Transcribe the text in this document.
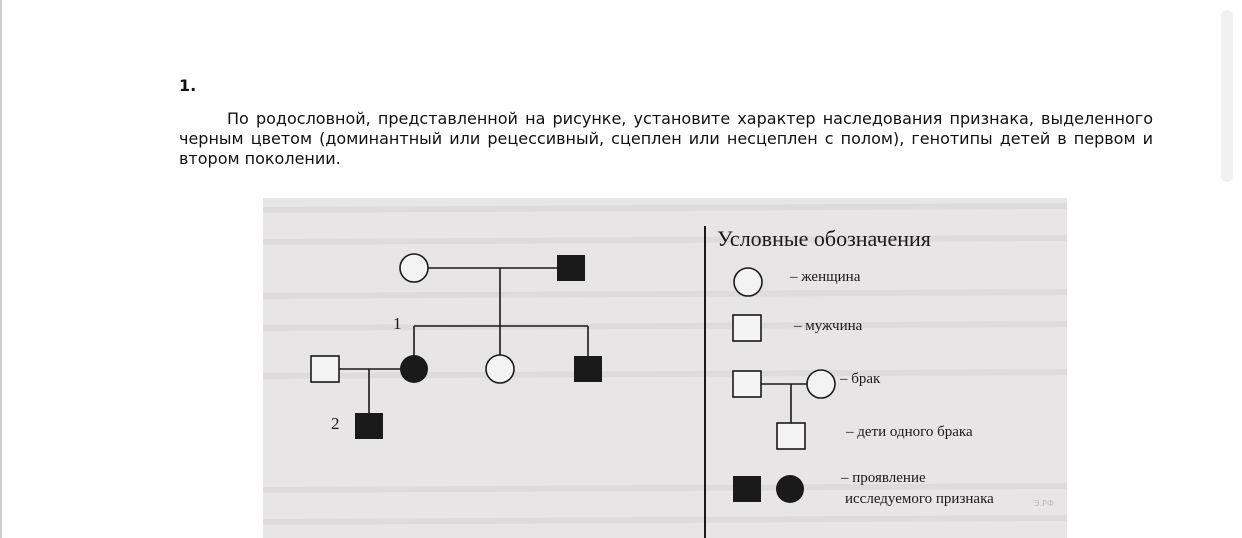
1.

По родословной, представленной на рисунке, установите характер наследования признака, выделенного черным цветом (доминантный или рецессивный, сцеплен или несцеплен с полом), генотипы детей в первом и втором поколении.

1
2
Условные обозначения
– женщина
– мужчина
– брак
– дети одного брака
– проявление
исследуемого признака	Э.РФ
